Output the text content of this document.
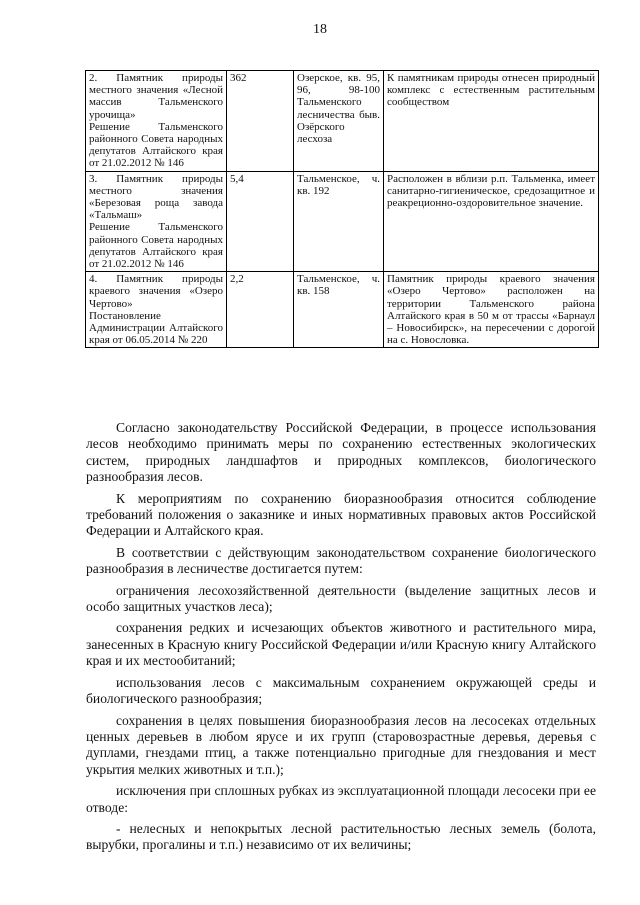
18
2. Памятник природы местного значения «Лесной массив Тальменского урочища»
Решение Тальменского районного Совета народных депутатов Алтайского края от 21.02.2012 № 146	362	Озерское, кв. 95, 96, 98-100 Тальменского лесничества быв. Озёрского лесхоза	К памятникам природы отнесен природный комплекс с естественным растительным сообществом

3. Памятник природы местного значения «Березовая роща завода «Тальмаш»
Решение Тальменского районного Совета народных депутатов Алтайского края от 21.02.2012 № 146	5,4	Тальменское, ч. кв. 192	Расположен в вблизи р.п. Тальменка, имеет санитарно-гигиеническое, средозащитное и реакреционно-оздоровительное значение.

4. Памятник природы краевого значения «Озеро Чертово»
Постановление Администрации Алтайского края от 06.05.2014 № 220	2,2	Тальменское, ч. кв. 158	Памятник природы краевого значения «Озеро Чертово» расположен на территории Тальменского района Алтайского края в 50 м от трассы «Барнаул – Новосибирск», на пересечении с дорогой на с. Новословка.

Согласно законодательству Российской Федерации, в процессе использования лесов необходимо принимать меры по сохранению естественных экологических систем, природных ландшафтов и природных комплексов, биологического разнообразия лесов.

К мероприятиям по сохранению биоразнообразия относится соблюдение требований положения о заказнике и иных нормативных правовых актов Российской Федерации и Алтайского края.

В соответствии с действующим законодательством сохранение биологического разнообразия в лесничестве достигается путем:

ограничения лесохозяйственной деятельности (выделение защитных лесов и особо защитных участков леса);

сохранения редких и исчезающих объектов животного и растительного мира, занесенных в Красную книгу Российской Федерации и/или Красную книгу Алтайского края и их местообитаний;

использования лесов с максимальным сохранением окружающей среды и биологического разнообразия;

сохранения в целях повышения биоразнообразия лесов на лесосеках отдельных ценных деревьев в любом ярусе и их групп (старовозрастные деревья, деревья с дуплами, гнездами птиц, а также потенциально пригодные для гнездования и мест укрытия мелких животных и т.п.);

исключения при сплошных рубках из эксплуатационной площади лесосеки при ее отводе:

- нелесных и непокрытых лесной растительностью лесных земель (болота, вырубки, прогалины и т.п.) независимо от их величины;
